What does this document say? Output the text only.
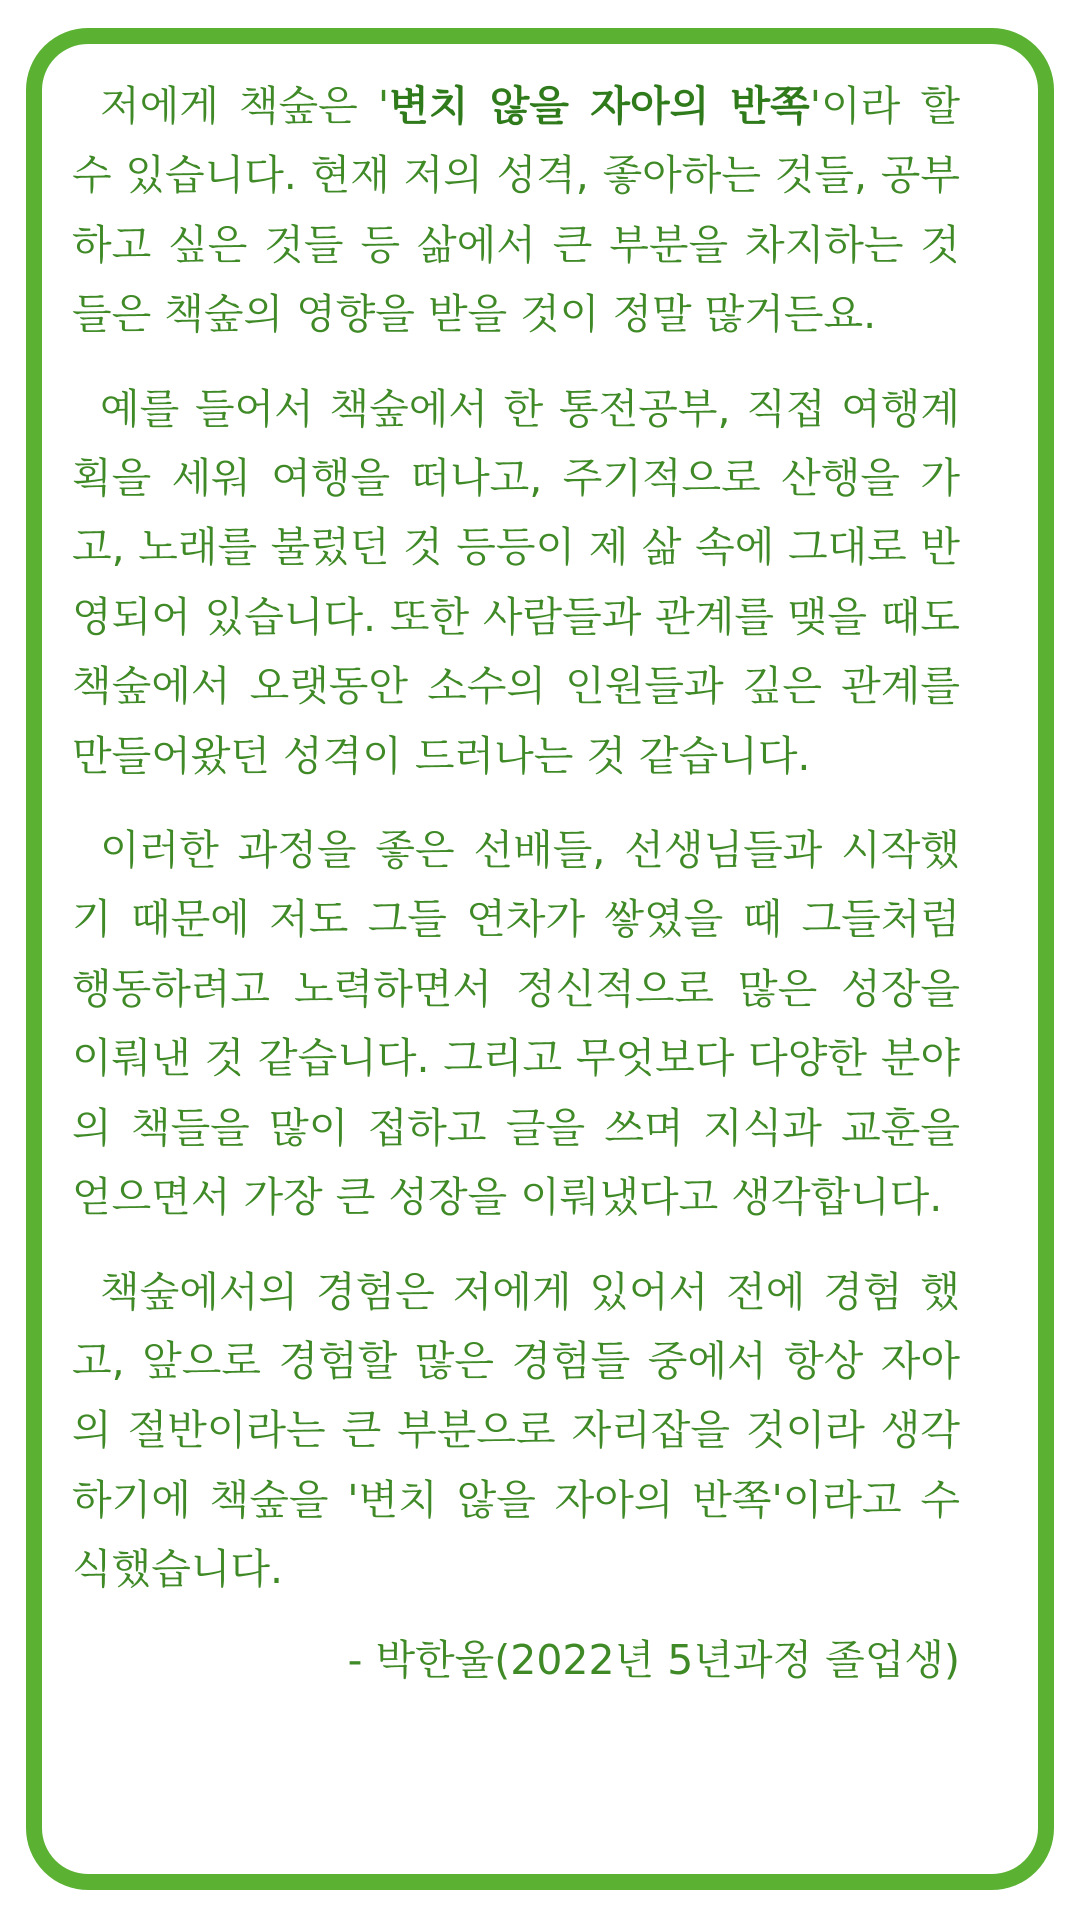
저에게 책숲은 '변치 않을 자아의 반쪽'이라 할 수 있습니다. 현재 저의 성격, 좋아하는 것들, 공부하고 싶은 것들 등 삶에서 큰 부분을 차지하는 것들은 책숲의 영향을 받을 것이 정말 많거든요.

예를 들어서 책숲에서 한 통전공부, 직접 여행계획을 세워 여행을 떠나고, 주기적으로 산행을 가고, 노래를 불렀던 것 등등이 제 삶 속에 그대로 반영되어 있습니다. 또한 사람들과 관계를 맺을 때도 책숲에서 오랫동안 소수의 인원들과 깊은 관계를 만들어왔던 성격이 드러나는 것 같습니다.

이러한 과정을 좋은 선배들, 선생님들과 시작했기 때문에 저도 그들 연차가 쌓였을 때 그들처럼 행동하려고 노력하면서 정신적으로 많은 성장을 이뤄낸 것 같습니다. 그리고 무엇보다 다양한 분야의 책들을 많이 접하고 글을 쓰며 지식과 교훈을 얻으면서 가장 큰 성장을 이뤄냈다고 생각합니다.

책숲에서의 경험은 저에게 있어서 전에 경험 했고, 앞으로 경험할 많은 경험들 중에서 항상 자아의 절반이라는 큰 부분으로 자리잡을 것이라 생각하기에 책숲을 '변치 않을 자아의 반쪽'이라고 수식했습니다.

- 박한울(2022년 5년과정 졸업생)
